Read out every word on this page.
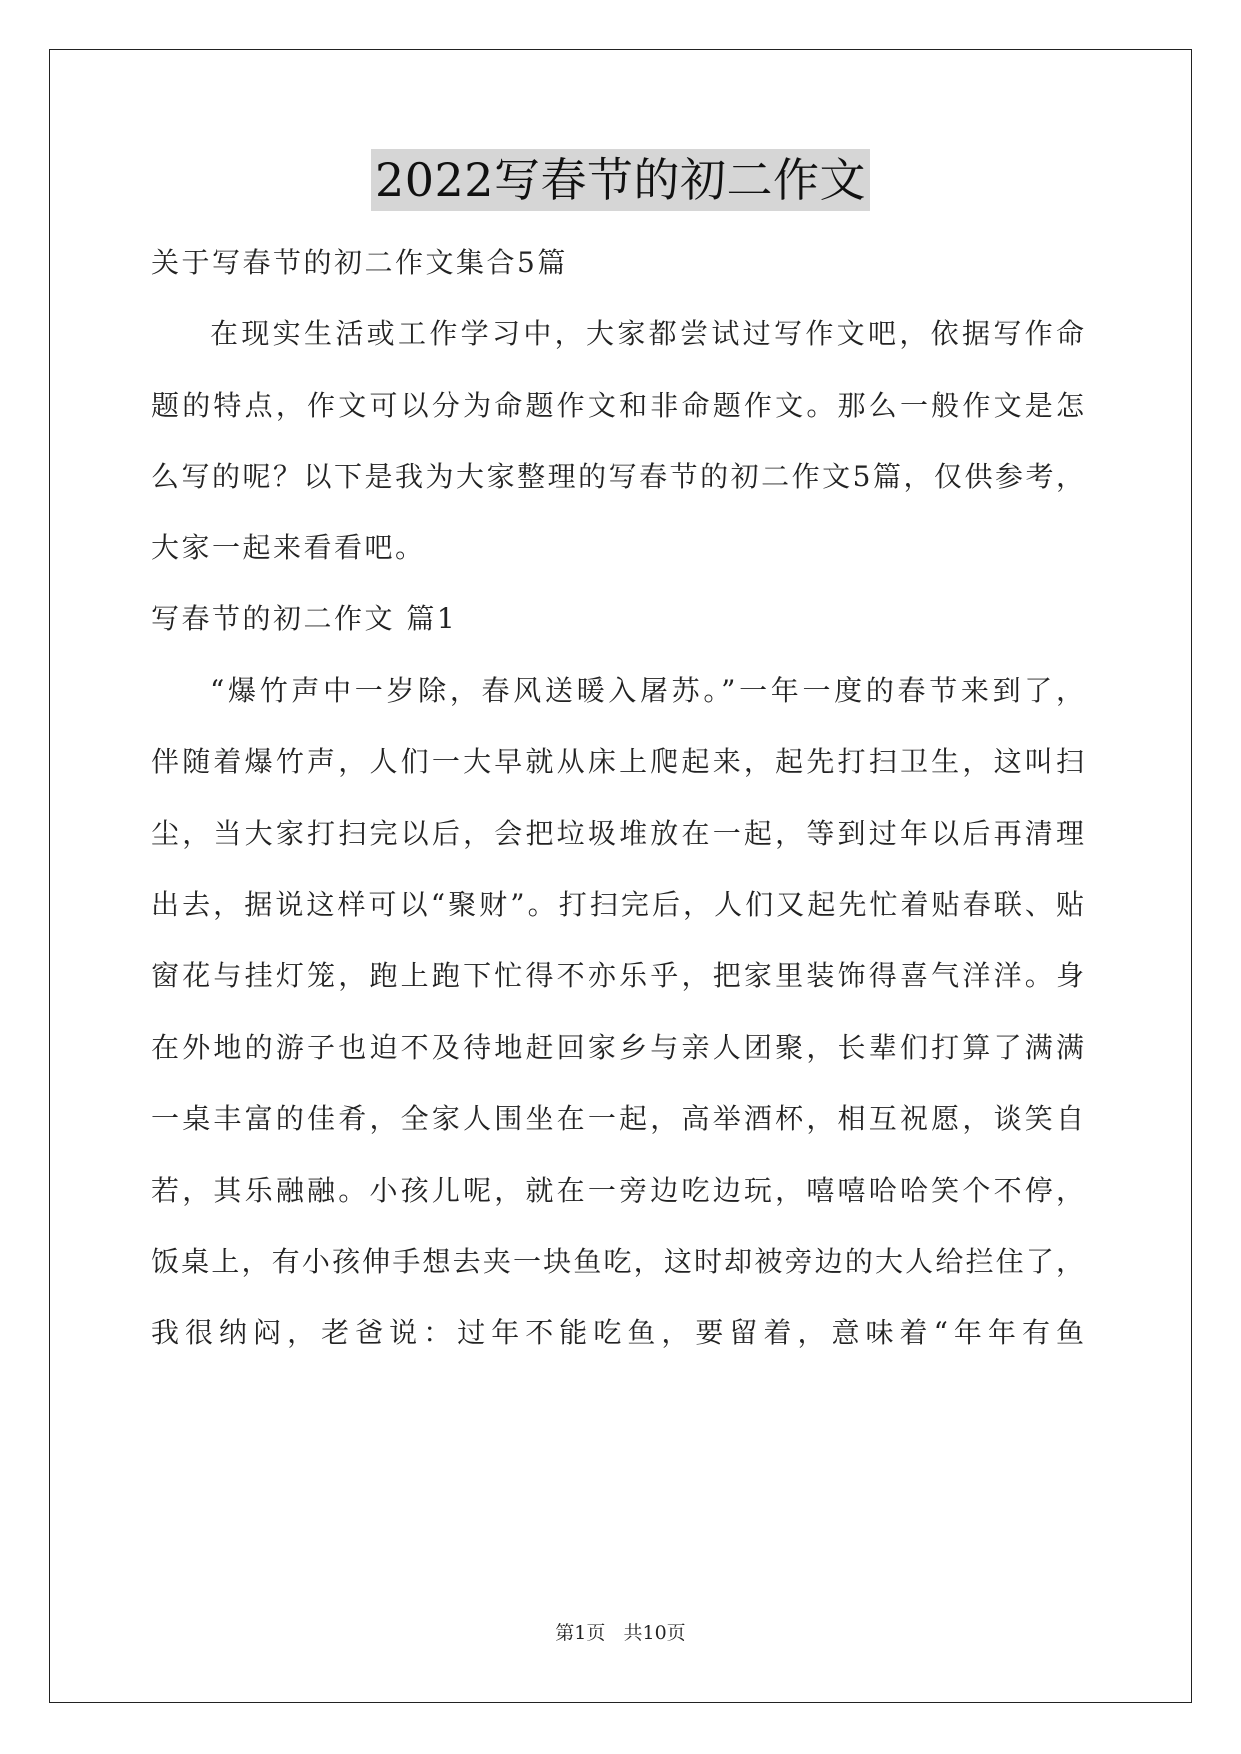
2022写春节的初二作文
关于写春节的初二作文集合5篇
在现实生活或工作学习中，大家都尝试过写作文吧，依据写作命
题的特点，作文可以分为命题作文和非命题作文。那么一般作文是怎
么写的呢？以下是我为大家整理的写春节的初二作文5篇，仅供参考，
大家一起来看看吧。
写春节的初二作文 篇1
“爆竹声中一岁除，春风送暖入屠苏。”一年一度的春节来到了，
伴随着爆竹声，人们一大早就从床上爬起来，起先打扫卫生，这叫扫
尘，当大家打扫完以后，会把垃圾堆放在一起，等到过年以后再清理
出去，据说这样可以“聚财”。打扫完后，人们又起先忙着贴春联、贴
窗花与挂灯笼，跑上跑下忙得不亦乐乎，把家里装饰得喜气洋洋。身
在外地的游子也迫不及待地赶回家乡与亲人团聚，长辈们打算了满满
一桌丰富的佳肴，全家人围坐在一起，高举酒杯，相互祝愿，谈笑自
若，其乐融融。小孩儿呢，就在一旁边吃边玩，嘻嘻哈哈笑个不停，
饭桌上，有小孩伸手想去夹一块鱼吃，这时却被旁边的大人给拦住了，
我很纳闷，老爸说：过年不能吃鱼，要留着，意味着“年年有鱼
第1页   共10页
